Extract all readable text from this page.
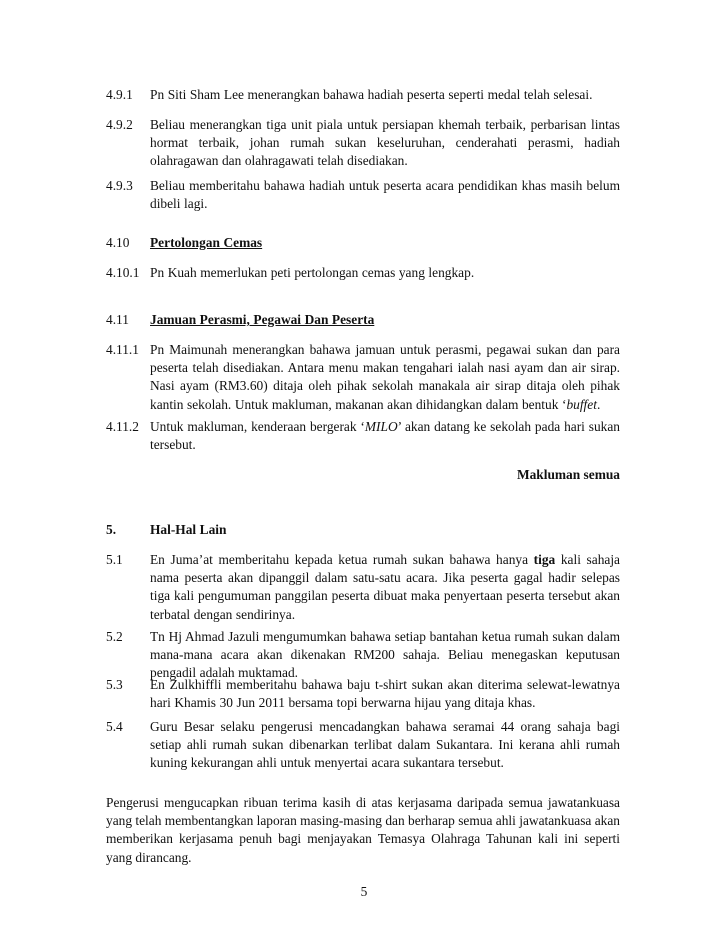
4.9.1	Pn Siti Sham Lee menerangkan bahawa hadiah peserta seperti medal telah selesai.
4.9.2	Beliau menerangkan tiga unit piala untuk persiapan khemah terbaik, perbarisan lintas hormat terbaik, johan rumah sukan keseluruhan, cenderahati perasmi, hadiah olahragawan dan olahragawati telah disediakan.
4.9.3	Beliau memberitahu bahawa hadiah untuk peserta acara pendidikan khas masih belum dibeli lagi.
4.10	Pertolongan Cemas
4.10.1 Pn Kuah memerlukan peti pertolongan cemas yang lengkap.
4.11	Jamuan Perasmi, Pegawai Dan Peserta
4.11.1 Pn Maimunah menerangkan bahawa jamuan untuk perasmi, pegawai sukan dan para peserta telah disediakan. Antara menu makan tengahari ialah nasi ayam dan air sirap. Nasi ayam (RM3.60) ditaja oleh pihak sekolah manakala air sirap ditaja oleh pihak kantin sekolah. Untuk makluman, makanan akan dihidangkan dalam bentuk ‘buffet.
4.11.2 Untuk makluman, kenderaan bergerak ‘MILO’ akan datang ke sekolah pada hari sukan tersebut.
Makluman semua
5.	Hal-Hal Lain
5.1	En Juma’at memberitahu kepada ketua rumah sukan bahawa hanya tiga kali sahaja nama peserta akan dipanggil dalam satu-satu acara. Jika peserta gagal hadir selepas tiga kali pengumuman panggilan peserta dibuat maka penyertaan peserta tersebut akan terbatal dengan sendirinya.
5.2	Tn Hj Ahmad Jazuli mengumumkan bahawa setiap bantahan ketua rumah sukan dalam mana-mana acara akan dikenakan RM200 sahaja. Beliau menegaskan keputusan pengadil adalah muktamad.
5.3	En Zulkhiffli memberitahu bahawa baju t-shirt sukan akan diterima selewat-lewatnya hari Khamis 30 Jun 2011 bersama topi berwarna hijau yang ditaja khas.
5.4	Guru Besar selaku pengerusi mencadangkan bahawa seramai 44 orang sahaja bagi setiap ahli rumah sukan dibenarkan terlibat dalam Sukantara. Ini kerana ahli rumah kuning kekurangan ahli untuk menyertai acara sukantara tersebut.
Pengerusi mengucapkan ribuan terima kasih di atas kerjasama daripada semua jawatankuasa yang telah membentangkan laporan masing-masing dan berharap semua ahli jawatankuasa akan memberikan kerjasama penuh bagi menjayakan Temasya Olahraga Tahunan kali ini seperti yang dirancang.
5
